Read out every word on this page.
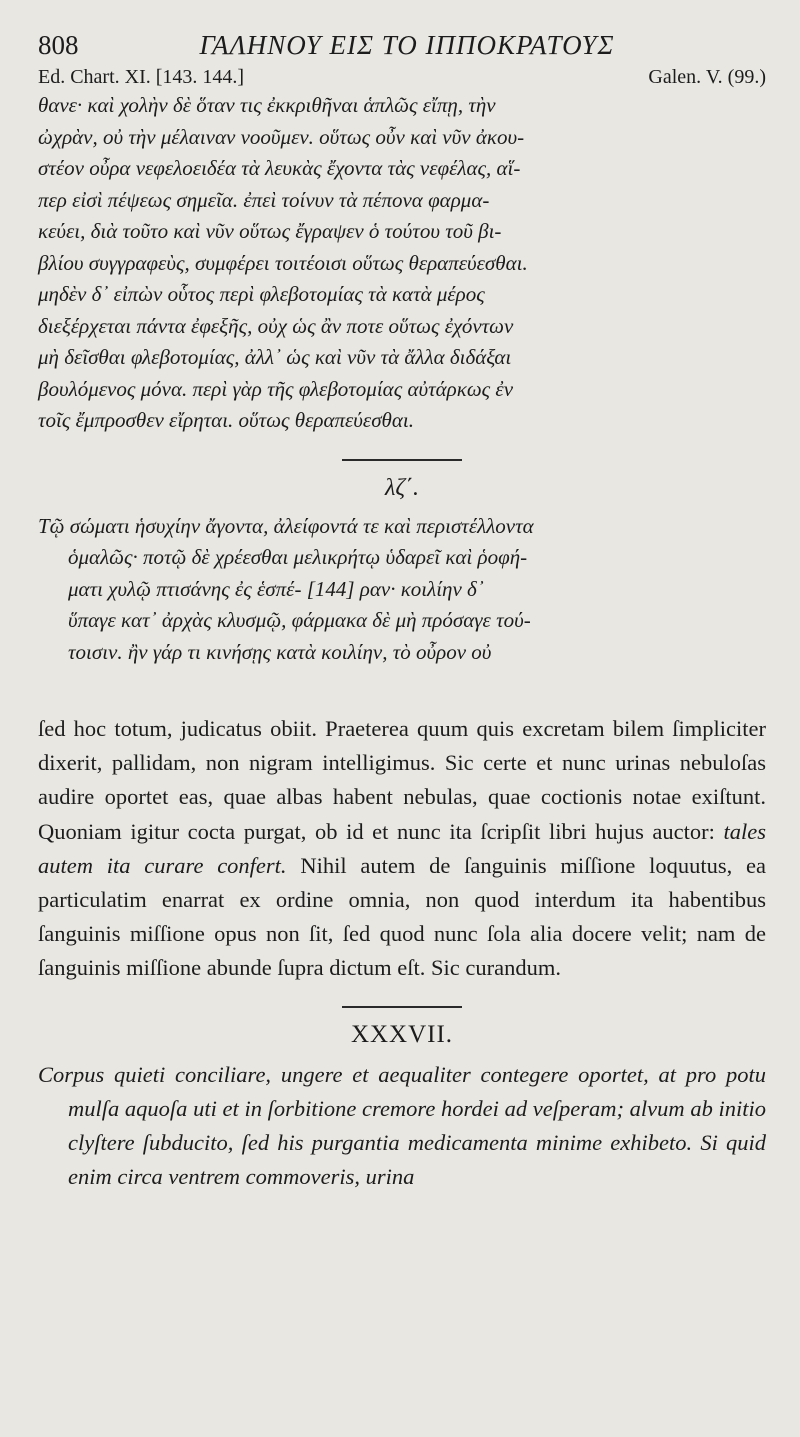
808	ΓΑΛΗΝΟΥ ΕΙΣ ΤΟ ΙΠΠΟΚΡΑΤΟΥΣ
Ed. Chart. XI. [143. 144.]	Galen. V. (99.)

θανε· καὶ χολὴν δὲ ὅταν τις ἐκκριθῆναι ἁπλῶς εἴπῃ, τὴν

ὠχρὰν, οὐ τὴν μέλαιναν νοοῦμεν. οὕτως οὖν καὶ νῦν ἀκου-

στέον οὖρα νεφελοειδέα τὰ λευκὰς ἔχοντα τὰς νεφέλας, αἵ-

περ εἰσὶ πέψεως σημεῖα. ἐπεὶ τοίνυν τὰ πέπονα φαρμα-

κεύει, διὰ τοῦτο καὶ νῦν οὕτως ἔγραψεν ὁ τούτου τοῦ βι-

βλίου συγγραφεὺς, συμφέρει τοιτέοισι οὕτως θεραπεύεσθαι.

μηδὲν δ᾽ εἰπὼν οὗτος περὶ φλεβοτομίας τὰ κατὰ μέρος

διεξέρχεται πάντα ἐφεξῆς, οὐχ ὡς ἂν ποτε οὕτως ἐχόντων

μὴ δεῖσθαι φλεβοτομίας, ἀλλ᾽ ὡς καὶ νῦν τὰ ἄλλα διδάξαι

βουλόμενος μόνα. περὶ γὰρ τῆς φλεβοτομίας αὐτάρκως ἐν

τοῖς ἔμπροσθεν εἴρηται. οὕτως θεραπεύεσθαι.

λζ΄.

Τῷ σώματι ἡσυχίην ἄγοντα, ἀλείφοντά τε καὶ περιστέλλοντα

ὁμαλῶς· ποτῷ δὲ χρέεσθαι μελικρήτῳ ὑδαρεῖ καὶ ῥοφή-

ματι χυλῷ πτισάνης ἐς ἑσπέ- [144] ραν· κοιλίην δ᾽

ὕπαγε κατ᾽ ἀρχὰς κλυσμῷ, φάρμακα δὲ μὴ πρόσαγε τού-

τοισιν. ἢν γάρ τι κινήσῃς κατὰ κοιλίην, τὸ οὖρον οὐ

ſed hoc totum, judicatus obiit. Praeterea quum quis excretam bilem ſimpliciter dixerit, pallidam, non nigram intelligimus. Sic certe et nunc urinas nebuloſas audire oportet eas, quae albas habent nebulas, quae coctionis notae exiſtunt. Quoniam igitur cocta purgat, ob id et nunc ita ſcripſit libri hujus auctor: tales autem ita curare confert. Nihil autem de ſanguinis miſſione loquutus, ea particulatim enarrat ex ordine omnia, non quod interdum ita habentibus ſanguinis miſſione opus non ſit, ſed quod nunc ſola alia docere velit; nam de ſanguinis miſſione abunde ſupra dictum eſt. Sic curandum.

XXXVII.
Corpus quieti conciliare, ungere et aequaliter contegere oportet, at pro potu mulſa aquoſa uti et in ſorbitione cremore hordei ad veſperam; alvum ab initio clyſtere ſubducito, ſed his purgantia medicamenta minime exhibeto. Si quid enim circa ventrem commoveris, urina
